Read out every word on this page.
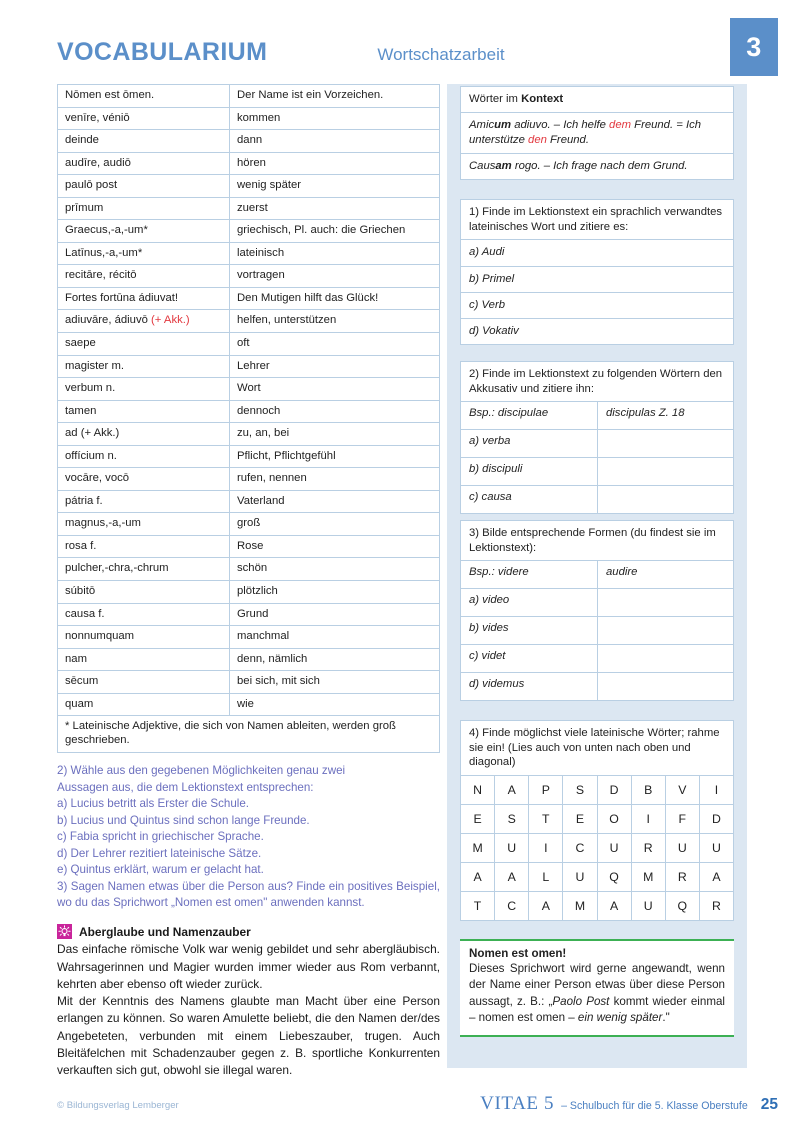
3
VOCABULARIUM	Wortschatzarbeit
Nōmen est ōmen.	Der Name ist ein Vorzeichen.
venīre, véniō	kommen
deinde	dann
audīre, audiō	hören
paulō post	wenig später
prīmum	zuerst
Graecus,-a,-um*	griechisch, Pl. auch: die Griechen
Latīnus,-a,-um*	lateinisch
recitāre, récitō	vortragen
Fortes fortūna ádiuvat!	Den Mutigen hilft das Glück!
adiuvāre, ádiuvō (+ Akk.)	helfen, unterstützen
saepe	oft
magister m.	Lehrer
verbum n.	Wort
tamen	dennoch
ad (+ Akk.)	zu, an, bei
offícium n.	Pflicht, Pflichtgefühl
vocāre, vocō	rufen, nennen
pátria f.	Vaterland
magnus,-a,-um	groß
rosa f.	Rose
pulcher,-chra,-chrum	schön
súbitō	plötzlich
causa f.	Grund
nonnumquam	manchmal
nam	denn, nämlich
sēcum	bei sich, mit sich
quam	wie
* Lateinische Adjektive, die sich von Namen ableiten, werden groß geschrieben.	

2) Wähle aus den gegebenen Möglichkeiten genau zwei

Aussagen aus, die dem Lektionstext entsprechen:

a) Lucius betritt als Erster die Schule.

b) Lucius und Quintus sind schon lange Freunde.

c) Fabia spricht in griechischer Sprache.

d) Der Lehrer rezitiert lateinische Sätze.

e) Quintus erklärt, warum er gelacht hat.

3) Sagen Namen etwas über die Person aus? Finde ein positives Beispiel, wo du das Sprichwort „Nomen est omen" anwenden kannst.

Aberglaube und Namenzauber

Das einfache römische Volk war wenig gebildet und sehr abergläubisch. Wahrsagerinnen und Magier wurden immer wieder aus Rom verbannt, kehrten aber ebenso oft wieder zurück.

Mit der Kenntnis des Namens glaubte man Macht über eine Person erlangen zu können. So waren Amulette beliebt, die den Namen der/des Angebeteten, verbunden mit einem Liebeszauber, trugen. Auch Bleitäfelchen mit Schadenzauber gegen z. B. sportliche Konkurrenten verkauften sich gut, obwohl sie illegal waren.

Wörter im Kontext
Amicum adiuvo. – Ich helfe dem Freund. = Ich unterstütze den Freund.
Causam rogo. – Ich frage nach dem Grund.
1) Finde im Lektionstext ein sprachlich verwandtes lateinisches Wort und zitiere es:
a) Audi
b) Primel
c) Verb
d) Vokativ
2) Finde im Lektionstext zu folgenden Wörtern den Akkusativ und zitiere ihn:
Bsp.: discipulae	discipulas Z. 18
a) verba
b) discipuli
c) causa
3) Bilde entsprechende Formen (du findest sie im Lektionstext):
Bsp.: videre	audire
a) video
b) vides
c) videt
d) videmus
4) Finde möglichst viele lateinische Wörter; rahme sie ein! (Lies auch von unten nach oben und diagonal)
N	A	P	S	D	B	V	I
E	S	T	E	O	I	F	D
M	U	I	C	U	R	U	U
A	A	L	U	Q	M	R	A
T	C	A	M	A	U	Q	R
Nomen est omen!
Dieses Sprichwort wird gerne angewandt, wenn der Name einer Person etwas über diese Person aussagt, z. B.: „Paolo Post kommt wieder einmal – nomen est omen – ein wenig später."
© Bildungsverlag Lemberger	VITAE 5 – Schulbuch für die 5. Klasse Oberstufe 25
